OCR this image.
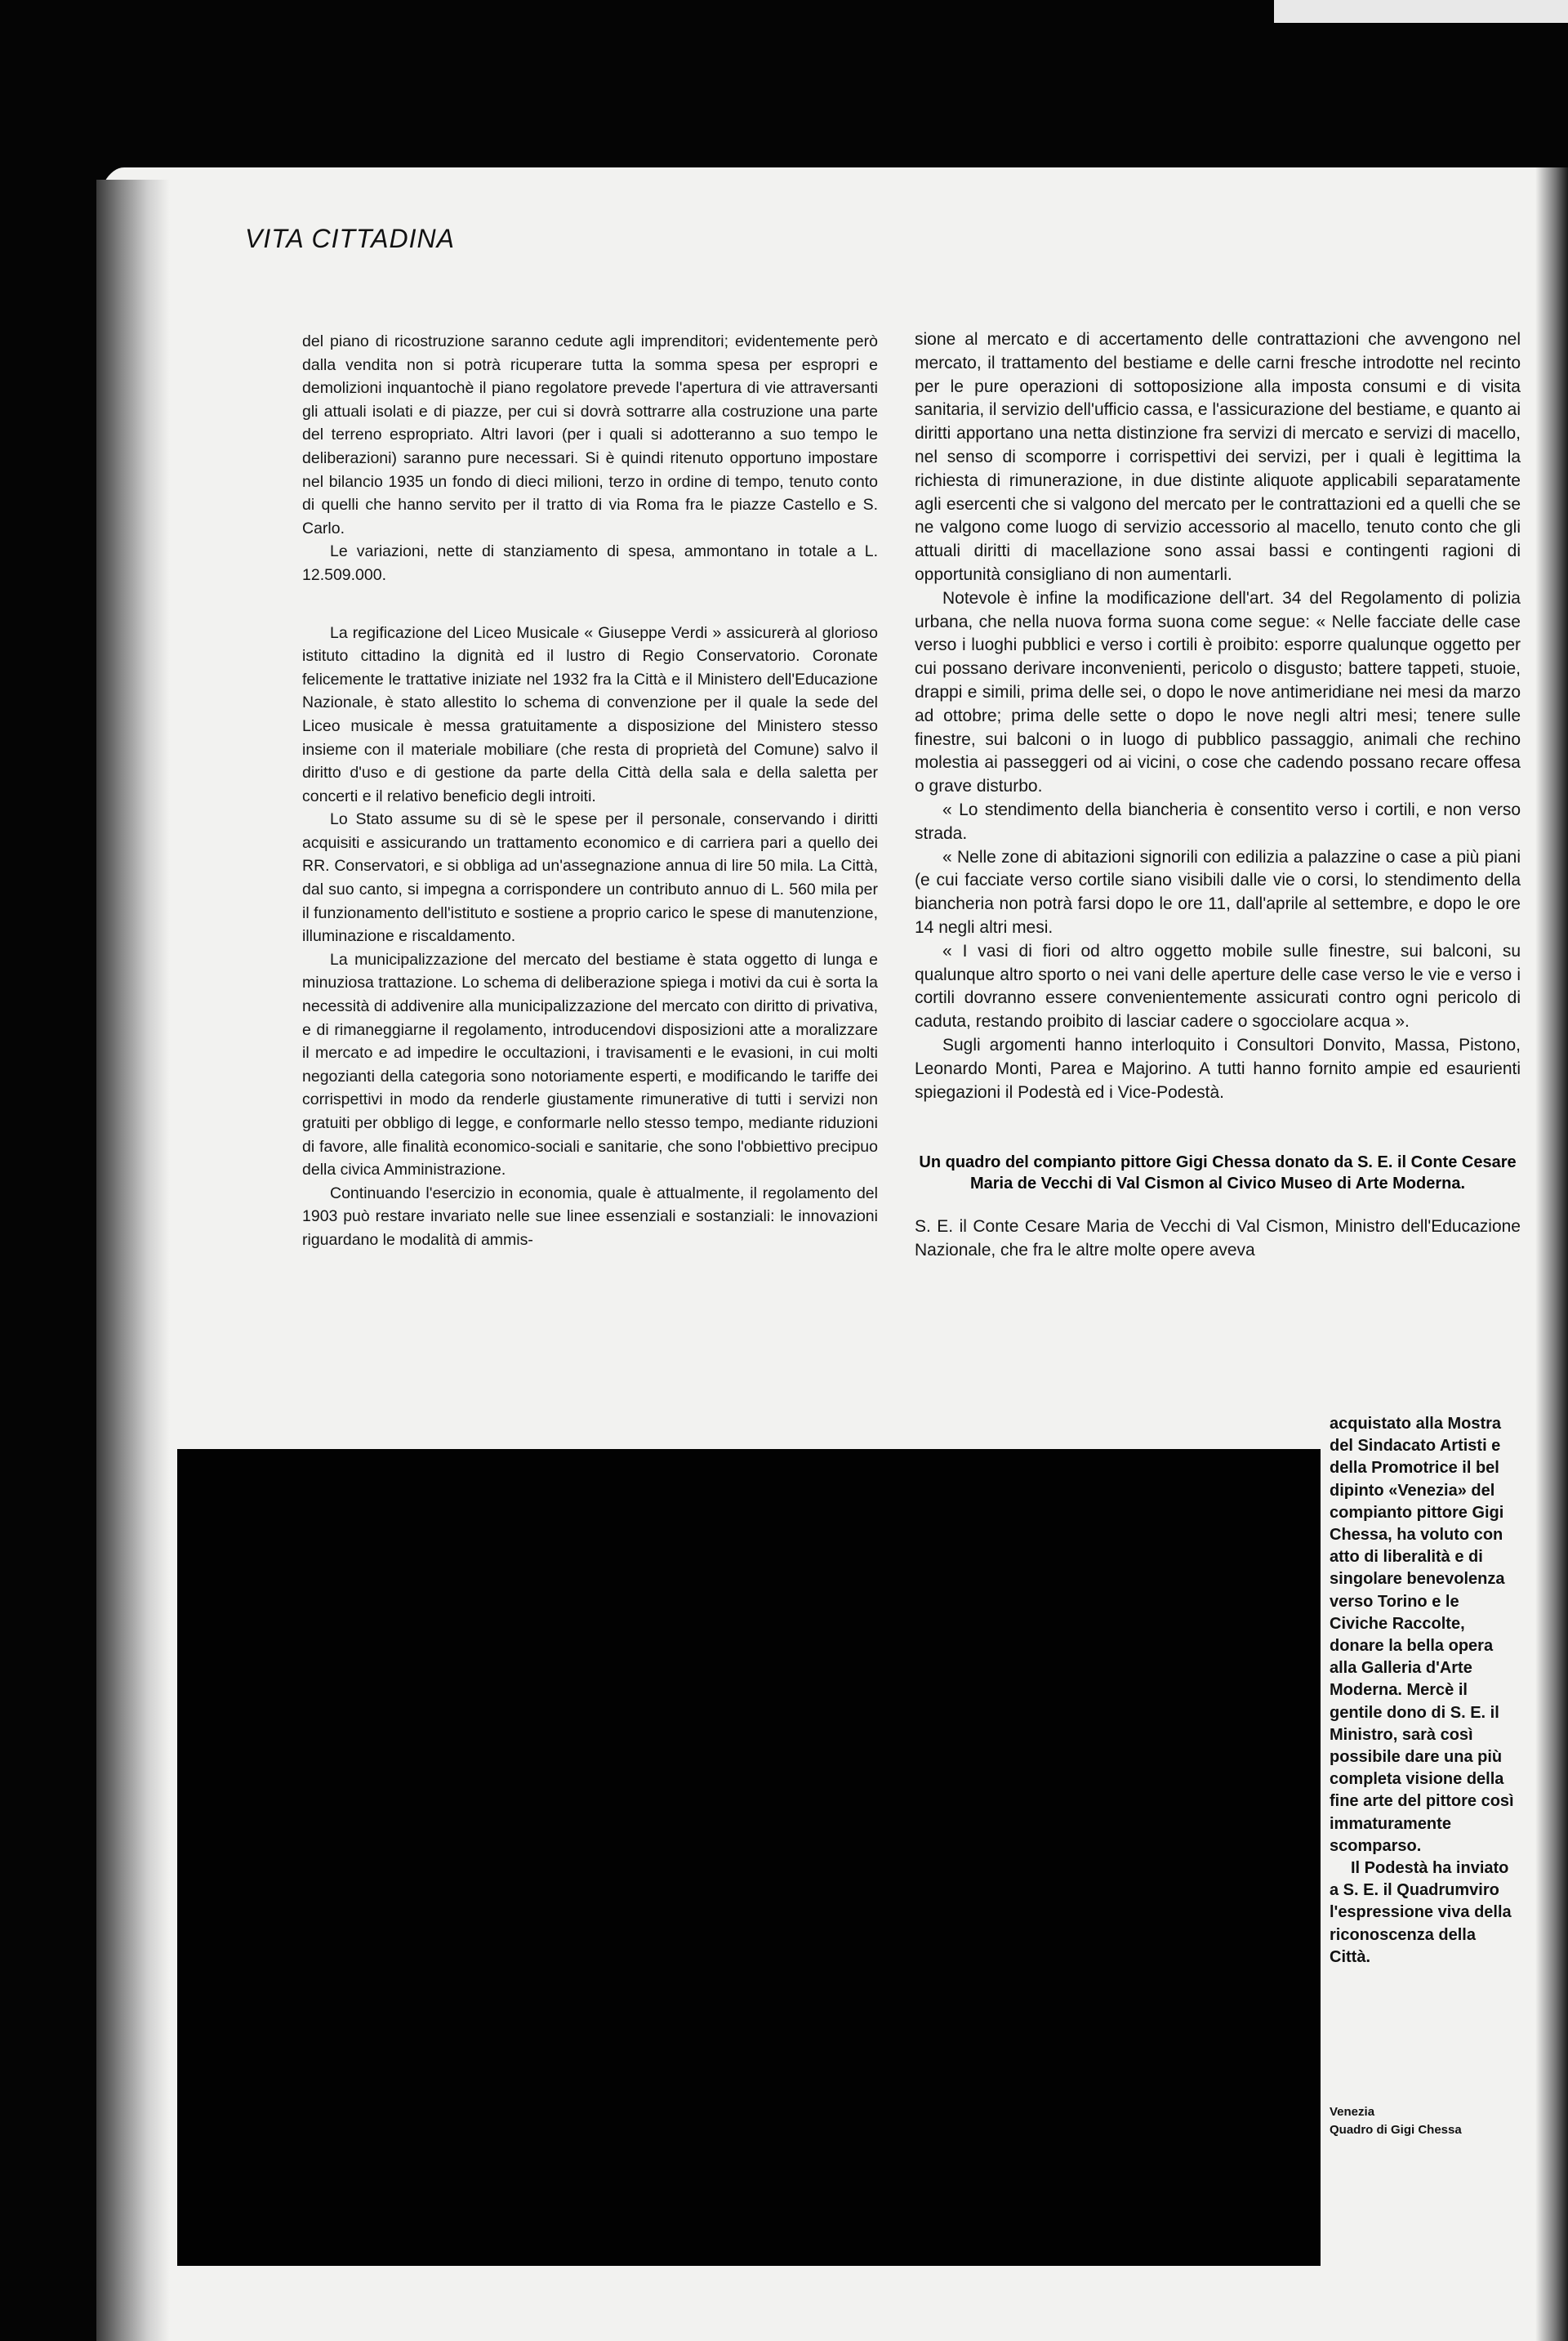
VITA CITTADINA

del piano di ricostruzione saranno cedute agli imprenditori; evidentemente però dalla vendita non si potrà ricuperare tutta la somma spesa per espropri e demolizioni inquantochè il piano regolatore prevede l'apertura di vie attraversanti gli attuali isolati e di piazze, per cui si dovrà sottrarre alla costruzione una parte del terreno espropriato. Altri lavori (per i quali si adotteranno a suo tempo le deliberazioni) saranno pure necessari. Si è quindi ritenuto opportuno impostare nel bilancio 1935 un fondo di dieci milioni, terzo in ordine di tempo, tenuto conto di quelli che hanno servito per il tratto di via Roma fra le piazze Castello e S. Carlo.

Le variazioni, nette di stanziamento di spesa, ammontano in totale a L. 12.509.000.

La regificazione del Liceo Musicale « Giuseppe Verdi » assicurerà al glorioso istituto cittadino la dignità ed il lustro di Regio Conservatorio. Coronate felicemente le trattative iniziate nel 1932 fra la Città e il Ministero dell'Educazione Nazionale, è stato allestito lo schema di convenzione per il quale la sede del Liceo musicale è messa gratuitamente a disposizione del Ministero stesso insieme con il materiale mobiliare (che resta di proprietà del Comune) salvo il diritto d'uso e di gestione da parte della Città della sala e della saletta per concerti e il relativo beneficio degli introiti.

Lo Stato assume su di sè le spese per il personale, conservando i diritti acquisiti e assicurando un trattamento economico e di carriera pari a quello dei RR. Conservatori, e si obbliga ad un'assegnazione annua di lire 50 mila. La Città, dal suo canto, si impegna a corrispondere un contributo annuo di L. 560 mila per il funzionamento dell'istituto e sostiene a proprio carico le spese di manutenzione, illuminazione e riscaldamento.

La municipalizzazione del mercato del bestiame è stata oggetto di lunga e minuziosa trattazione. Lo schema di deliberazione spiega i motivi da cui è sorta la necessità di addivenire alla municipalizzazione del mercato con diritto di privativa, e di rimaneggiarne il regolamento, introducendovi disposizioni atte a moralizzare il mercato e ad impedire le occultazioni, i travisamenti e le evasioni, in cui molti negozianti della categoria sono notoriamente esperti, e modificando le tariffe dei corrispettivi in modo da renderle giustamente rimunerative di tutti i servizi non gratuiti per obbligo di legge, e conformarle nello stesso tempo, mediante riduzioni di favore, alle finalità economico-sociali e sanitarie, che sono l'obbiettivo precipuo della civica Amministrazione.

Continuando l'esercizio in economia, quale è attualmente, il regolamento del 1903 può restare invariato nelle sue linee essenziali e sostanziali: le innovazioni riguardano le modalità di ammis-

sione al mercato e di accertamento delle contrattazioni che avvengono nel mercato, il trattamento del bestiame e delle carni fresche introdotte nel recinto per le pure operazioni di sottoposizione alla imposta consumi e di visita sanitaria, il servizio dell'ufficio cassa, e l'assicurazione del bestiame, e quanto ai diritti apportano una netta distinzione fra servizi di mercato e servizi di macello, nel senso di scomporre i corrispettivi dei servizi, per i quali è legittima la richiesta di rimunerazione, in due distinte aliquote applicabili separatamente agli esercenti che si valgono del mercato per le contrattazioni ed a quelli che se ne valgono come luogo di servizio accessorio al macello, tenuto conto che gli attuali diritti di macellazione sono assai bassi e contingenti ragioni di opportunità consigliano di non aumentarli.

Notevole è infine la modificazione dell'art. 34 del Regolamento di polizia urbana, che nella nuova forma suona come segue: « Nelle facciate delle case verso i luoghi pubblici e verso i cortili è proibito: esporre qualunque oggetto per cui possano derivare inconvenienti, pericolo o disgusto; battere tappeti, stuoie, drappi e simili, prima delle sei, o dopo le nove antimeridiane nei mesi da marzo ad ottobre; prima delle sette o dopo le nove negli altri mesi; tenere sulle finestre, sui balconi o in luogo di pubblico passaggio, animali che rechino molestia ai passeggeri od ai vicini, o cose che cadendo possano recare offesa o grave disturbo.

« Lo stendimento della biancheria è consentito verso i cortili, e non verso strada.

« Nelle zone di abitazioni signorili con edilizia a palazzine o case a più piani (e cui facciate verso cortile siano visibili dalle vie o corsi, lo stendimento della biancheria non potrà farsi dopo le ore 11, dall'aprile al settembre, e dopo le ore 14 negli altri mesi.

« I vasi di fiori od altro oggetto mobile sulle finestre, sui balconi, su qualunque altro sporto o nei vani delle aperture delle case verso le vie e verso i cortili dovranno essere convenientemente assicurati contro ogni pericolo di caduta, restando proibito di lasciar cadere o sgocciolare acqua ».

Sugli argomenti hanno interloquito i Consultori Donvito, Massa, Pistono, Leonardo Monti, Parea e Majorino. A tutti hanno fornito ampie ed esaurienti spiegazioni il Podestà ed i Vice-Podestà.

Un quadro del compianto pittore Gigi Chessa donato da S. E. il Conte Cesare Maria de Vecchi di Val Cismon al Civico Museo di Arte Moderna.

S. E. il Conte Cesare Maria de Vecchi di Val Cismon, Ministro dell'Educazione Nazionale, che fra le altre molte opere aveva

acquistato alla Mostra del Sindacato Artisti e della Promotrice il bel dipinto «Venezia» del compianto pittore Gigi Chessa, ha voluto con atto di liberalità e di singolare benevolenza verso Torino e le Civiche Raccolte, donare la bella opera alla Galleria d'Arte Moderna. Mercè il gentile dono di S. E. il Ministro, sarà così possibile dare una più completa visione della fine arte del pittore così immaturamente scomparso.

Il Podestà ha inviato a S. E. il Quadrumviro l'espressione viva della riconoscenza della Città.

Venezia
Quadro di Gigi Chessa
